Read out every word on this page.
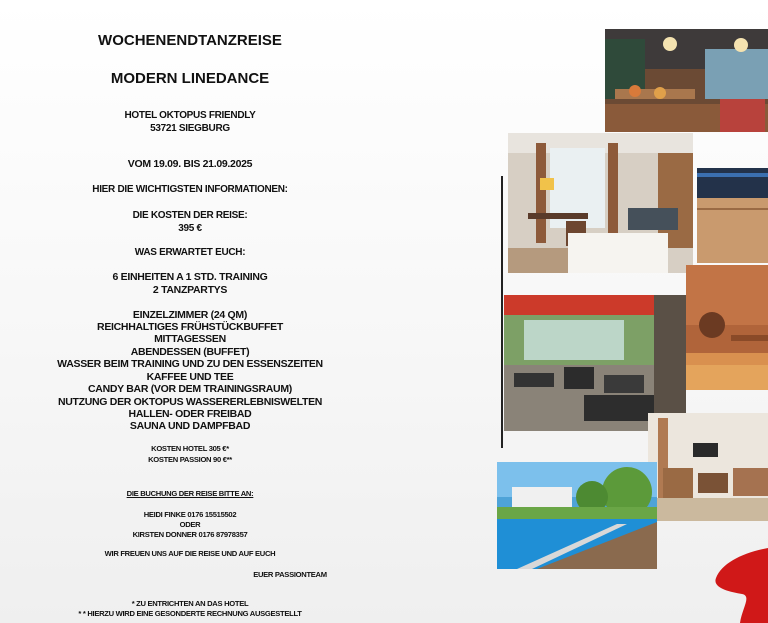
WOCHENENDTANZREISE
MODERN LINEDANCE
HOTEL OKTOPUS FRIENDLY
53721 SIEGBURG
VOM 19.09. BIS 21.09.2025
HIER DIE WICHTIGSTEN INFORMATIONEN:
DIE KOSTEN DER REISE:
395 €
WAS ERWARTET EUCH:
6 EINHEITEN A 1 STD. TRAINING
2 TANZPARTYS
EINZELZIMMER (24 QM)
REICHHALTIGES FRÜHSTÜCKBUFFET
MITTAGESSEN
ABENDESSEN (BUFFET)
WASSER BEIM TRAINING UND ZU DEN ESSENSZEITEN
KAFFEE UND TEE
CANDY BAR (VOR DEM TRAININGSRAUM)
NUTZUNG DER OKTOPUS WASSERERLEBNISWELTEN
HALLEN- ODER FREIBAD
SAUNA UND DAMPFBAD
KOSTEN HOTEL 305 €*
KOSTEN PASSION 90 €**
DIE BUCHUNG DER REISE BITTE AN:
HEIDI FINKE 0176 15515502
ODER
KIRSTEN DONNER 0176 87978357
WIR FREUEN UNS AUF DIE REISE UND AUF EUCH
EUER PASSIONTEAM
* ZU ENTRICHTEN AN DAS HOTEL
* * HIERZU WIRD EINE GESONDERTE RECHNUNG AUSGESTELLT
